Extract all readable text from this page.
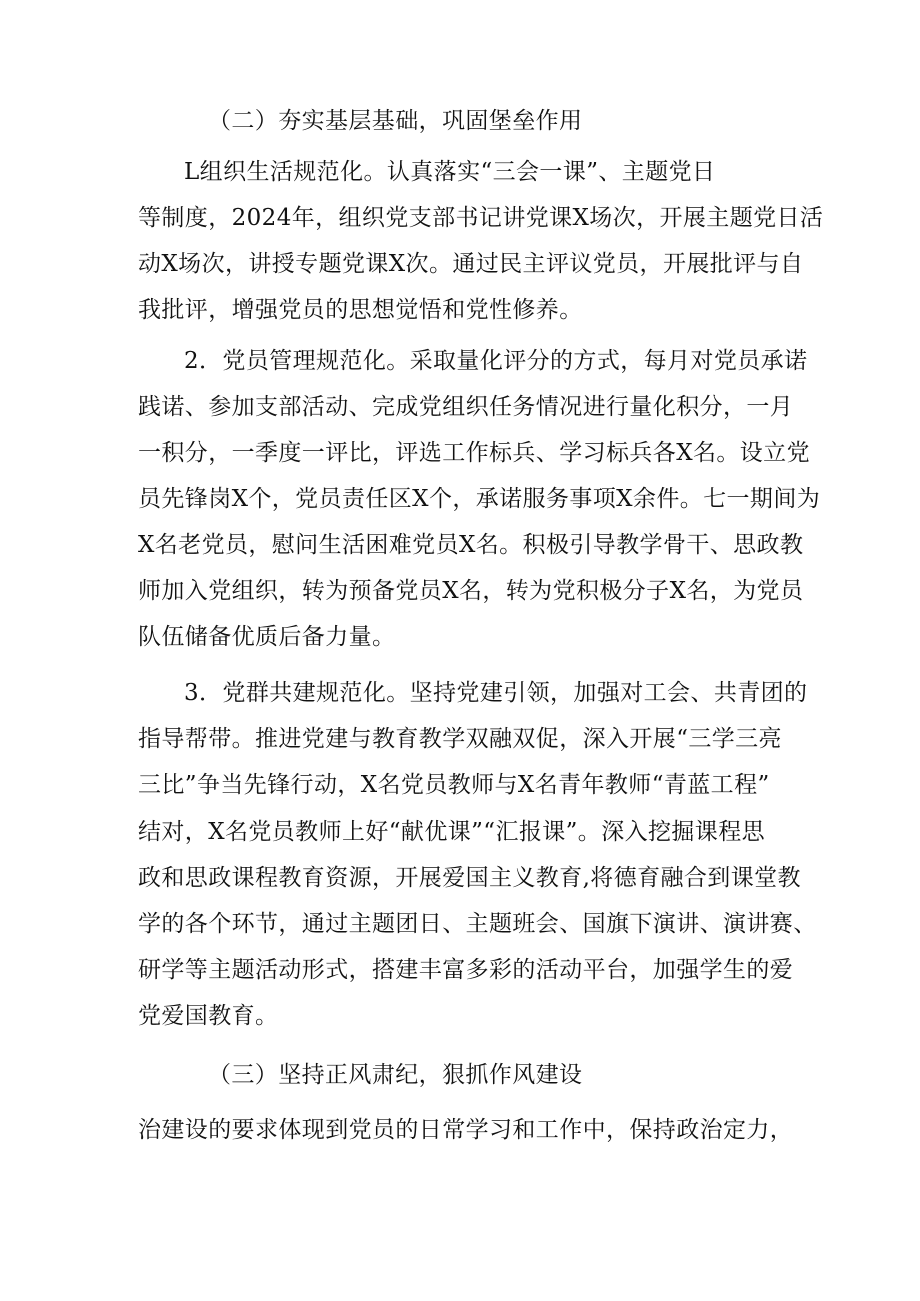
（二）夯实基层基础，巩固堡垒作用
L组织生活规范化。认真落实“三会一课”、主题党日
等制度，2024年，组织党支部书记讲党课X场次，开展主题党日活
动X场次，讲授专题党课X次。通过民主评议党员，开展批评与自
我批评，增强党员的思想觉悟和党性修养。
2．党员管理规范化。采取量化评分的方式，每月对党员承诺
践诺、参加支部活动、完成党组织任务情况进行量化积分，一月
一积分，一季度一评比，评选工作标兵、学习标兵各X名。设立党
员先锋岗X个，党员责任区X个，承诺服务事项X余件。七一期间为
X名老党员，慰问生活困难党员X名。积极引导教学骨干、思政教
师加入党组织，转为预备党员X名，转为党积极分子X名，为党员
队伍储备优质后备力量。
3．党群共建规范化。坚持党建引领，加强对工会、共青团的
指导帮带。推进党建与教育教学双融双促，深入开展“三学三亮
三比”争当先锋行动，X名党员教师与X名青年教师“青蓝工程”
结对，X名党员教师上好“献优课”“汇报课”。深入挖掘课程思
政和思政课程教育资源，开展爱国主义教育,将德育融合到课堂教
学的各个环节，通过主题团日、主题班会、国旗下演讲、演讲赛、
研学等主题活动形式，搭建丰富多彩的活动平台，加强学生的爱
党爱国教育。
（三）坚持正风肃纪，狠抓作风建设
治建设的要求体现到党员的日常学习和工作中，保持政治定力，
